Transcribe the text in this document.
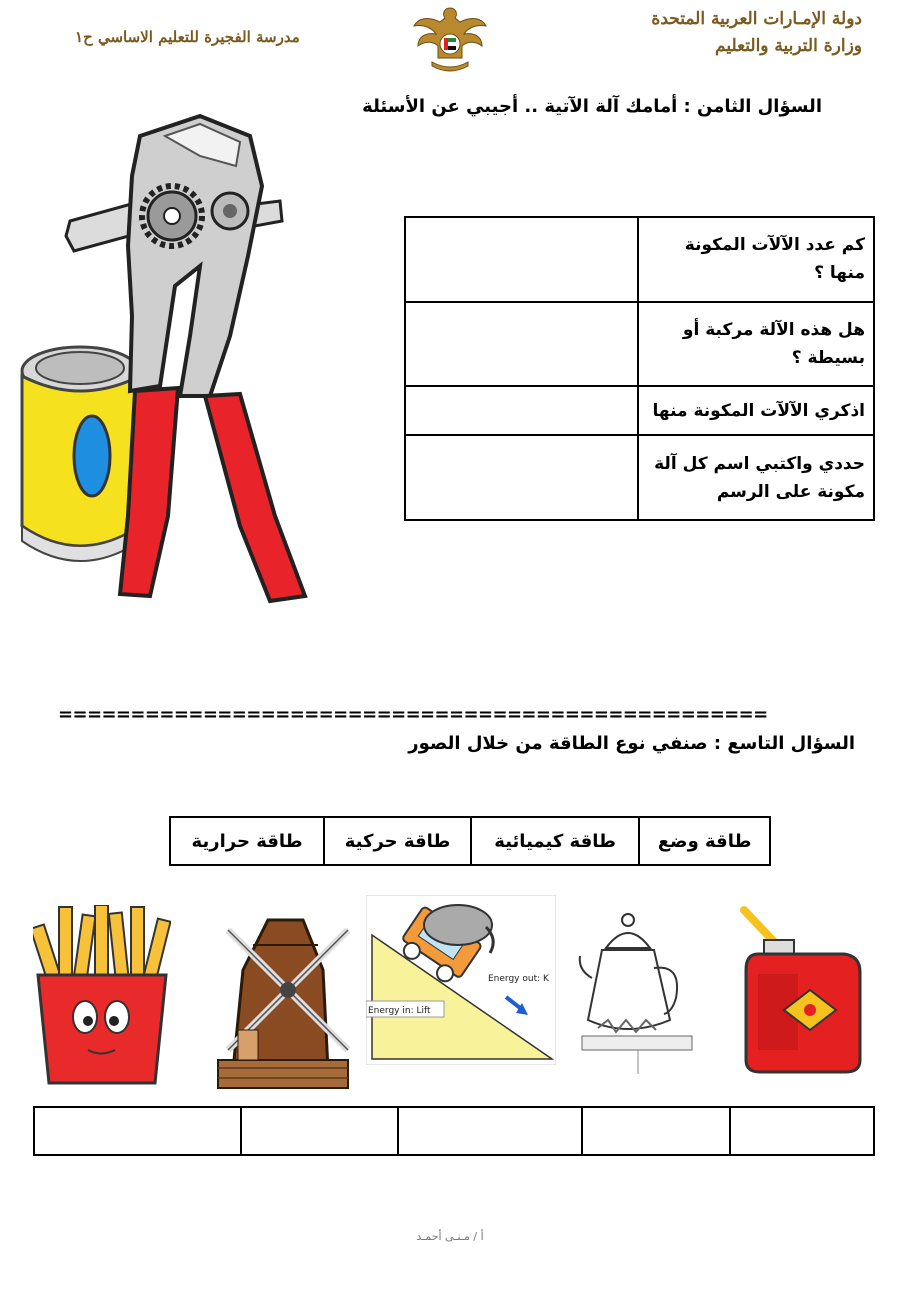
دولة الإمـارات العربية المتحدة
وزارة التربية والتعليم
مدرسة الفجيرة للتعليم الاساسي ح١
السؤال الثامن : أمامك آلة الآتية .. أجيبي عن الأسئلة
كم عدد الآلآت المكونة منها ؟	
هل هذه الآلة مركبة أو بسيطة ؟	
اذكري الآلآت المكونة منها	
حددي واكتبي اسم كل آلة مكونة على الرسم	
=================================================
السؤال التاسع : صنفي نوع الطاقة من خلال الصور
طاقة وضع	طاقة كيميائية	طاقة حركية	طاقة حرارية
Energy in: Lift
Energy out: K

أ / مـنـى أحمـد
